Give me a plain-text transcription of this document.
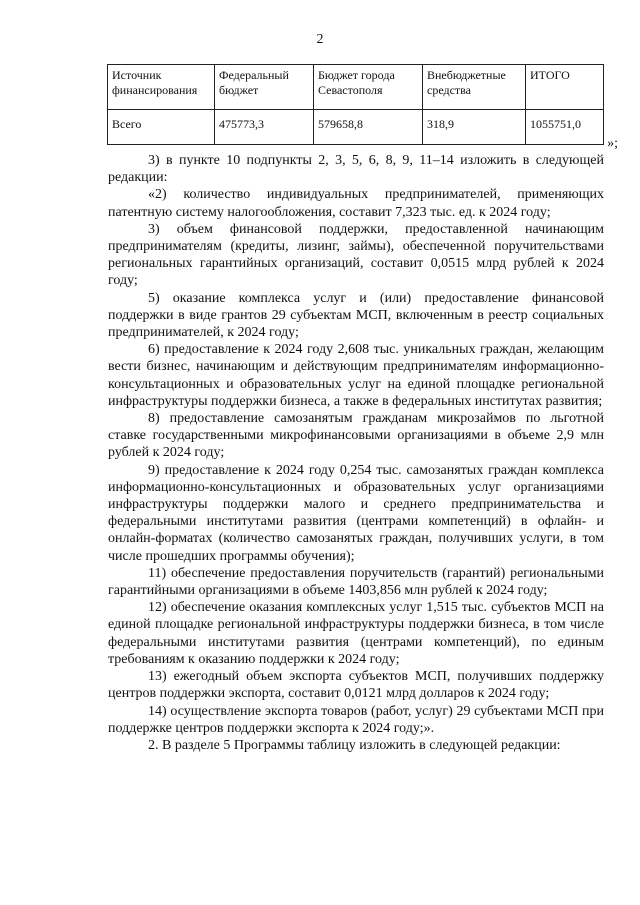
2
Источник финансирования	Федеральный бюджет	Бюджет города Севастополя	Внебюджетные средства	ИТОГО
Всего	475773,3	579658,8	318,9	1055751,0
»;

3) в пункте 10 подпункты 2, 3, 5, 6, 8, 9, 11–14 изложить в следующей редакции:

«2) количество индивидуальных предпринимателей, применяющих патентную систему налогообложения, составит 7,323 тыс. ед. к 2024 году;

3) объем финансовой поддержки, предоставленной начинающим предпринимателям (кредиты, лизинг, займы), обеспеченной поручительствами региональных гарантийных организаций, составит 0,0515 млрд рублей к 2024 году;

5) оказание комплекса услуг и (или) предоставление финансовой поддержки в виде грантов 29 субъектам МСП, включенным в реестр социальных предпринимателей, к 2024 году;

6) предоставление к 2024 году 2,608 тыс. уникальных граждан, желающим вести бизнес, начинающим и действующим предпринимателям информационно-консультационных и образовательных услуг на единой площадке региональной инфраструктуры поддержки бизнеса, а также в федеральных институтах развития;

8) предоставление самозанятым гражданам микрозаймов по льготной ставке государственными микрофинансовыми организациями в объеме 2,9 млн рублей к 2024 году;

9) предоставление к 2024 году 0,254 тыс. самозанятых граждан комплекса информационно-консультационных и образовательных услуг организациями инфраструктуры поддержки малого и среднего предпринимательства и федеральными институтами развития (центрами компетенций) в офлайн- и онлайн-форматах (количество самозанятых граждан, получивших услуги, в том числе прошедших программы обучения);

11) обеспечение предоставления поручительств (гарантий) региональными гарантийными организациями в объеме 1403,856 млн рублей к 2024 году;

12) обеспечение оказания комплексных услуг 1,515 тыс. субъектов МСП на единой площадке региональной инфраструктуры поддержки бизнеса, в том числе федеральными институтами развития (центрами компетенций), по единым требованиям к оказанию поддержки к 2024 году;

13) ежегодный объем экспорта субъектов МСП, получивших поддержку центров поддержки экспорта, составит 0,0121 млрд долларов к 2024 году;

14) осуществление экспорта товаров (работ, услуг) 29 субъектами МСП при поддержке центров поддержки экспорта к 2024 году;».

2. В разделе 5 Программы таблицу изложить в следующей редакции:
